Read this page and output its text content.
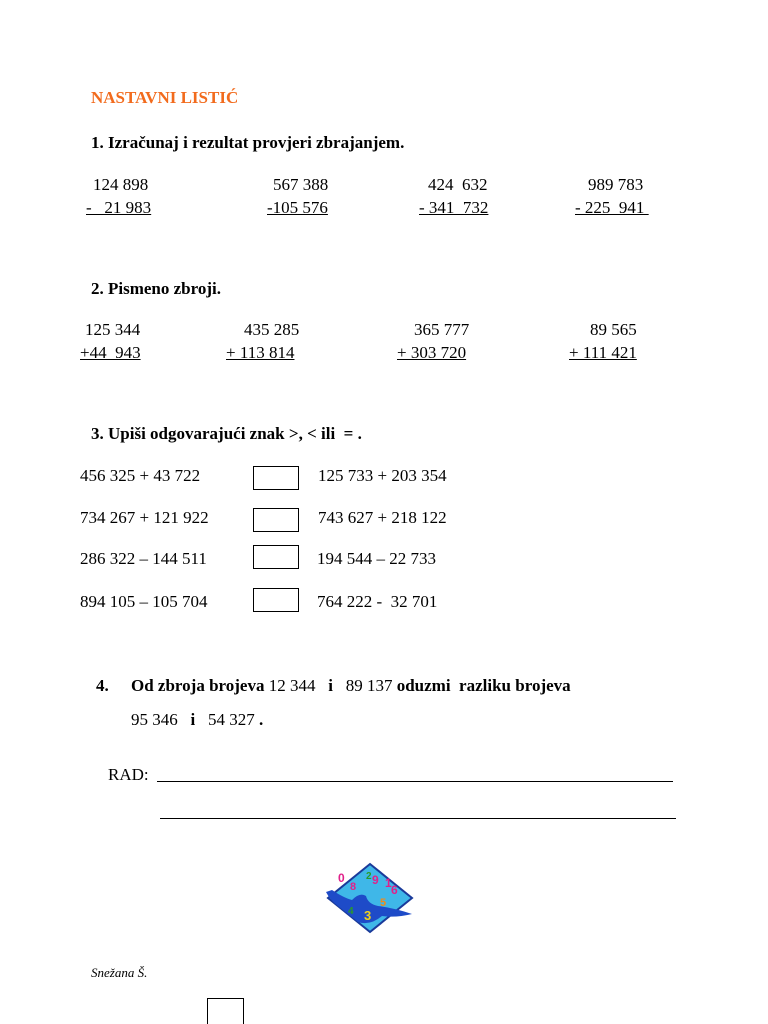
NASTAVNI LISTIĆ
1. Izračunaj i rezultat provjeri zbrajanjem.
124 898
-   21 983
567 388
-105 576
424  632
- 341  732
989 783
- 225  941
2. Pismeno zbroji.
125 344
+44  943
435 285
+ 113 814
365 777
+ 303 720
89 565
+ 111 421
3. Upiši odgovarajući znak >, < ili  = .
456 325 + 43 722	125 733 + 203 354
734 267 + 121 922	743 627 + 218 122
286 322 – 144 511	194 544 – 22 733
894 105 – 105 704	764 222 -  32 701
4. Od zbroja brojeva 12 344   i   89 137 oduzmi  razliku brojeva
95 346 i 54 327 .
RAD:
0 9 1 6
5
2
3
4
8
Snežana Š.
